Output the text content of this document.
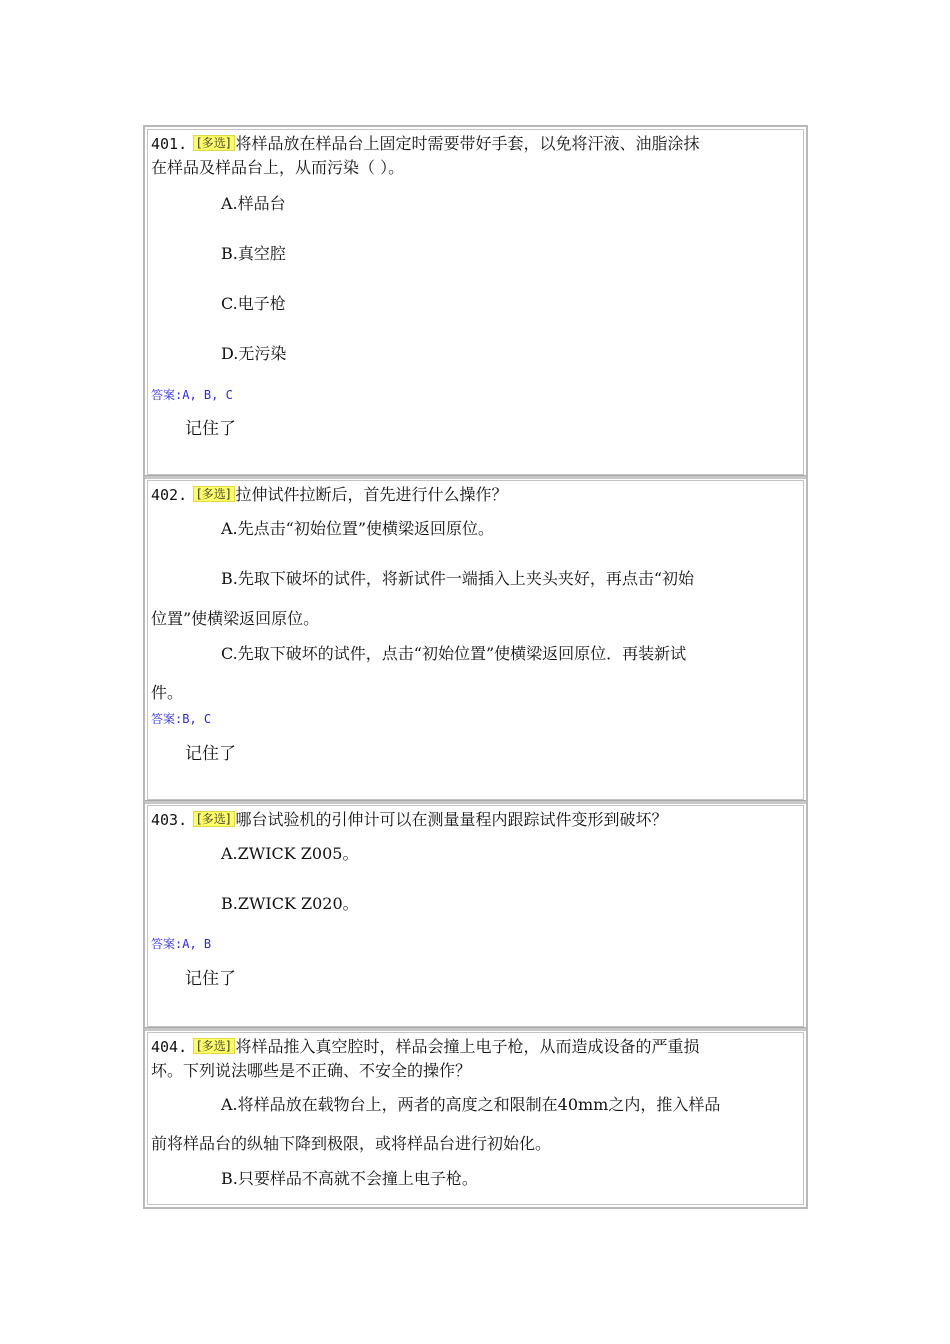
401. [多选] 将样品放在样品台上固定时需要带好手套，以免将汗液、油脂涂抹
在样品及样品台上，从而污染（ ）。
A.样品台
B.真空腔
C.电子枪
D.无污染
答案:A, B, C
记住了
402. [多选] 拉伸试件拉断后，首先进行什么操作？
A.先点击“初始位置”使横梁返回原位。
B.先取下破坏的试件，将新试件一端插入上夹头夹好，再点击“初始
位置”使横梁返回原位。
C.先取下破坏的试件，点击“初始位置”使横梁返回原位．再装新试
件。
答案:B, C
记住了
403. [多选] 哪台试验机的引伸计可以在测量量程内跟踪试件变形到破坏？
A.ZWICK Z005。
B.ZWICK Z020。
答案:A, B
记住了
404. [多选] 将样品推入真空腔时，样品会撞上电子枪，从而造成设备的严重损
坏。下列说法哪些是不正确、不安全的操作？
A.将样品放在载物台上，两者的高度之和限制在40mm之内，推入样品
前将样品台的纵轴下降到极限，或将样品台进行初始化。
B.只要样品不高就不会撞上电子枪。
